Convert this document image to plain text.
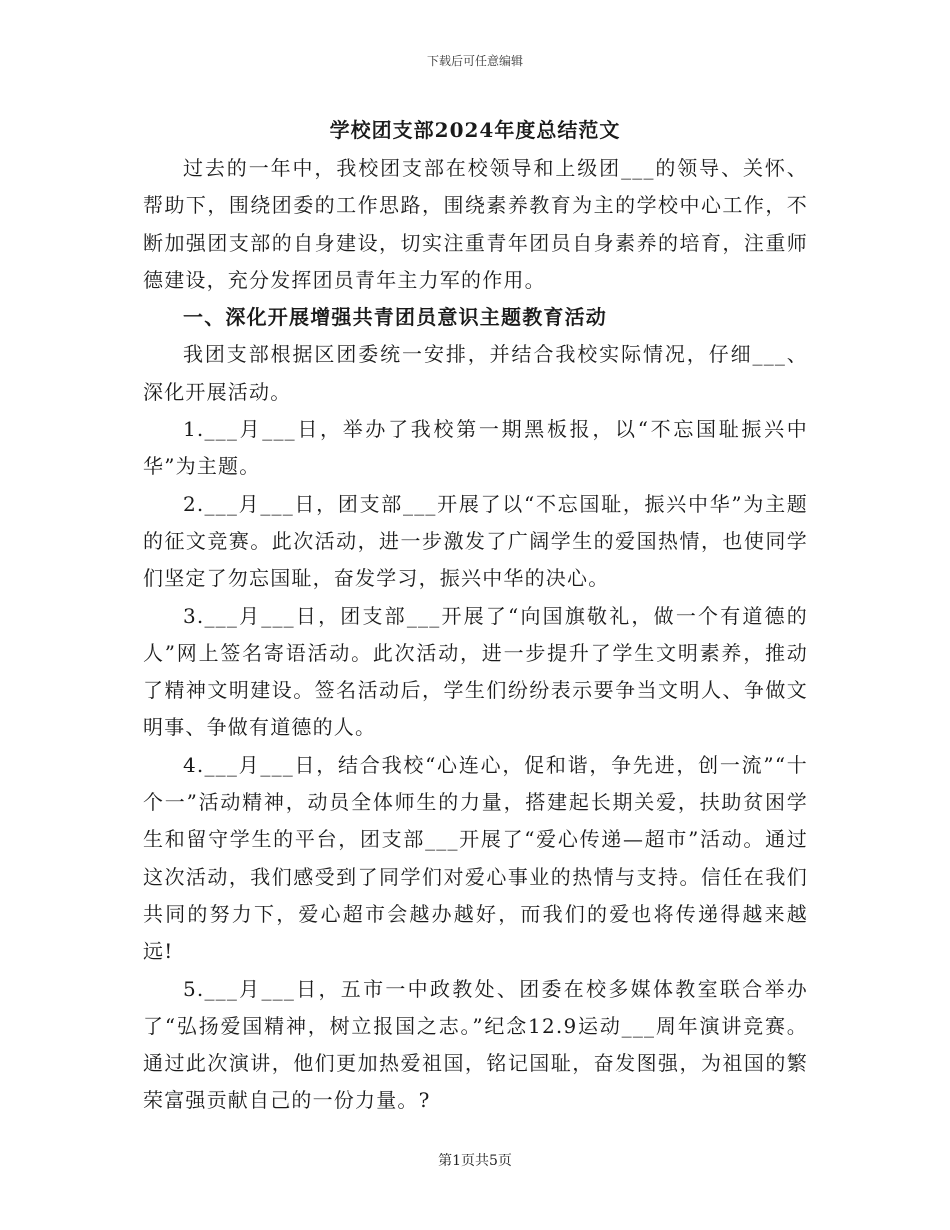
下载后可任意编辑
学校团支部2024年度总结范文

过去的一年中，我校团支部在校领导和上级团___的领导、关怀、帮助下，围绕团委的工作思路，围绕素养教育为主的学校中心工作，不断加强团支部的自身建设，切实注重青年团员自身素养的培育，注重师德建设，充分发挥团员青年主力军的作用。

一、深化开展增强共青团员意识主题教育活动

我团支部根据区团委统一安排，并结合我校实际情况，仔细___、深化开展活动。

1.___月___日，举办了我校第一期黑板报，以“不忘国耻振兴中华”为主题。

2.___月___日，团支部___开展了以“不忘国耻，振兴中华”为主题的征文竞赛。此次活动，进一步激发了广阔学生的爱国热情，也使同学们坚定了勿忘国耻，奋发学习，振兴中华的决心。

3.___月___日，团支部___开展了“向国旗敬礼，做一个有道德的人”网上签名寄语活动。此次活动，进一步提升了学生文明素养，推动了精神文明建设。签名活动后，学生们纷纷表示要争当文明人、争做文明事、争做有道德的人。

4.___月___日，结合我校“心连心，促和谐，争先进，创一流”“十个一”活动精神，动员全体师生的力量，搭建起长期关爱，扶助贫困学生和留守学生的平台，团支部___开展了“爱心传递—超市”活动。通过这次活动，我们感受到了同学们对爱心事业的热情与支持。信任在我们共同的努力下，爱心超市会越办越好，而我们的爱也将传递得越来越远!

5.___月___日，五市一中政教处、团委在校多媒体教室联合举办了“弘扬爱国精神，树立报国之志。”纪念12.9运动___周年演讲竞赛。通过此次演讲，他们更加热爱祖国，铭记国耻，奋发图强，为祖国的繁荣富强贡献自己的一份力量。?

第1页共5页
